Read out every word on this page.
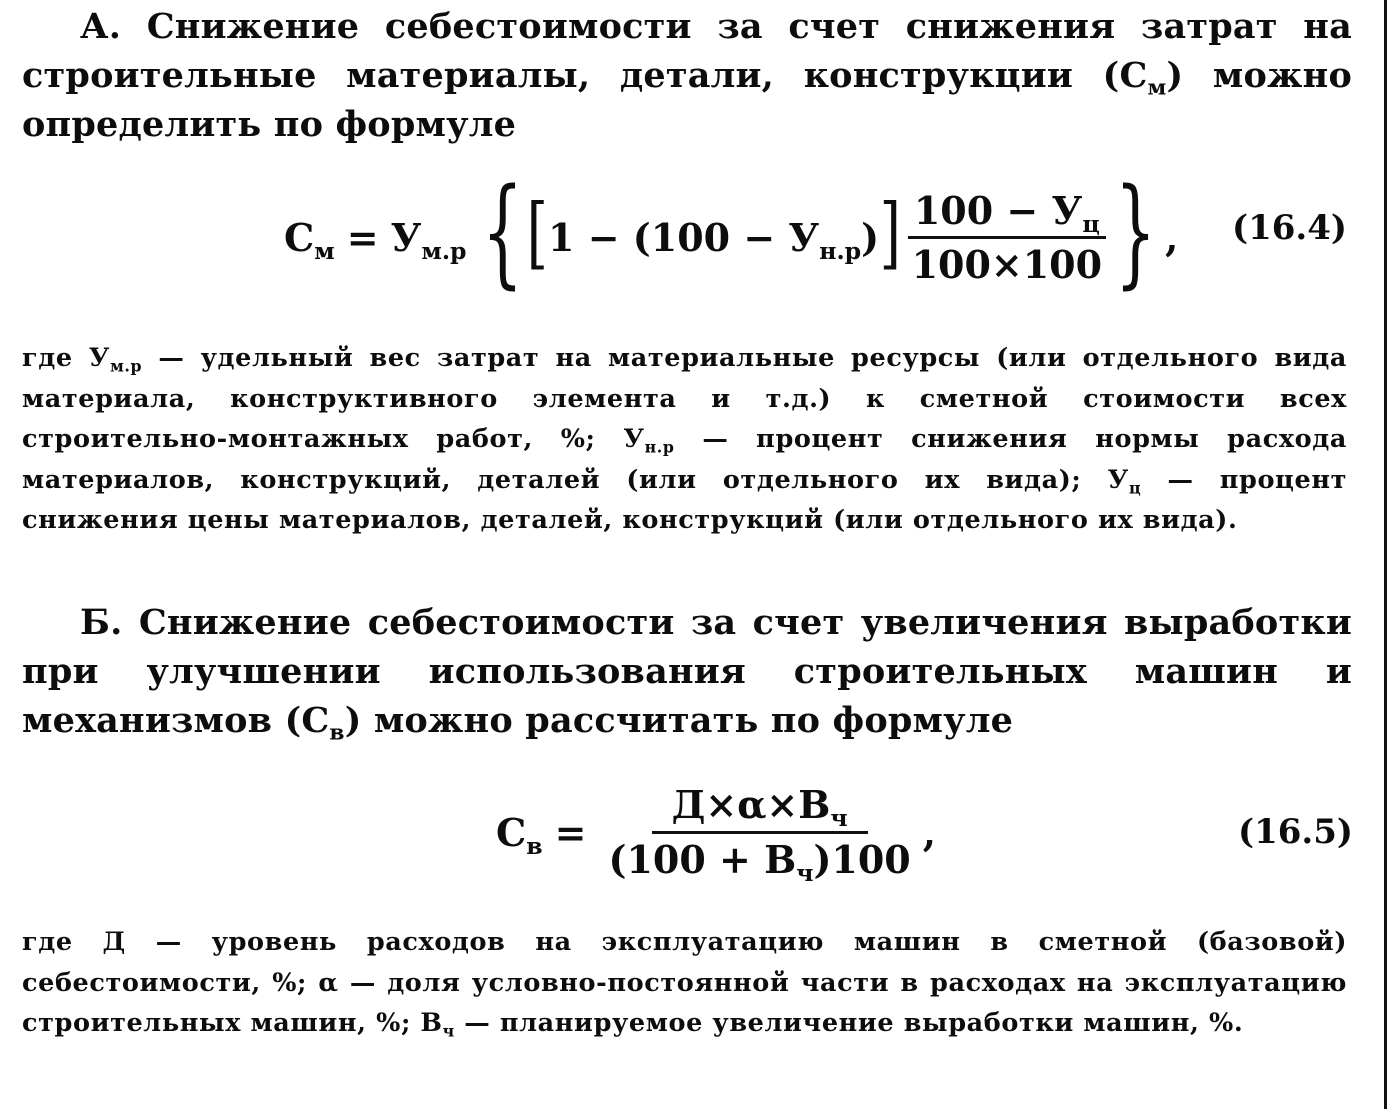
А. Снижение себестоимости за счет снижения затрат на строительные материалы, детали, конструкции $(С_м)$ можно определить по формуле
$С_м = У_{м.р}$ { [ $1 - (100 - У_{н.р})$ ] $\frac{100 - У_ц}{100\times 100}$ } , (16.4)
где $У_{м.р}$ — удельный вес затрат на материальные ресурсы (или отдельного вида материала, конструктивного элемента и т.д.) к сметной стоимости всех строительно-монтажных работ, %; $У_{н.р}$ — процент снижения нормы расхода материалов, конструкций, деталей (или отдельного их вида); $У_ц$ — процент снижения цены материалов, деталей, конструкций (или отдельного их вида).
Б. Снижение себестоимости за счет увеличения выработки при улучшении использования строительных машин и механизмов $(С_в)$ можно рассчитать по формуле
$С_в = \frac{Д\times\alpha\times В_ч}{(100 + В_ч)100}$ ,	(16.5)
где Д — уровень расходов на эксплуатацию машин в сметной (базовой) себестоимости, %; α — доля условно-постоянной части в расходах на эксплуатацию строительных машин, %; $В_ч$ — планируемое увеличение выработки машин, %.
